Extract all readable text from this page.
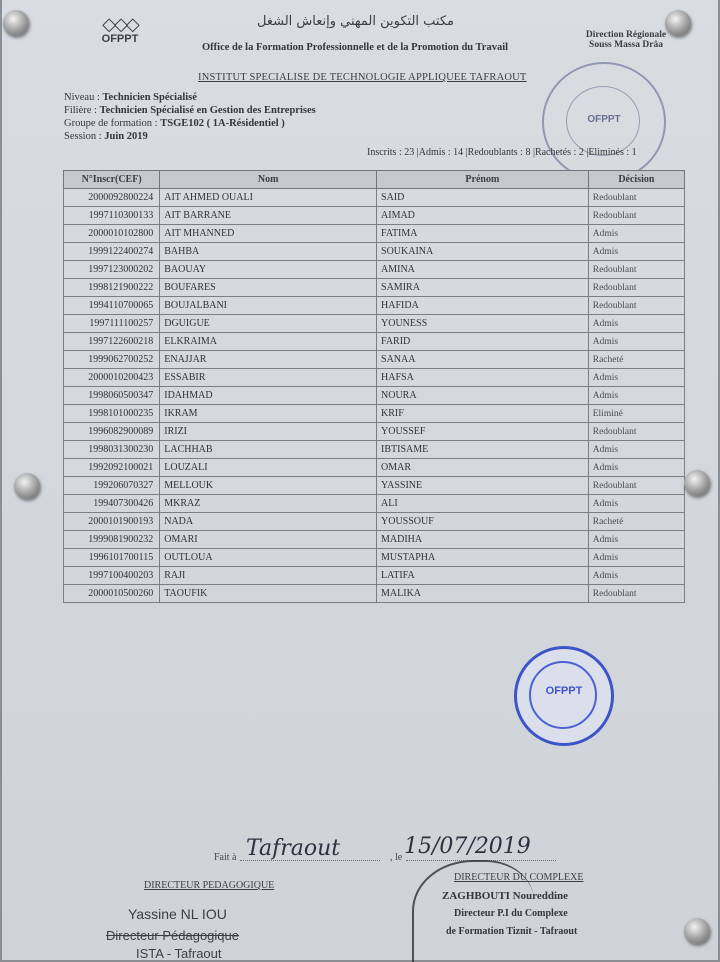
◇◇◇
OFPPT
مكتب التكوين المهني وإنعاش الشغل
Office de la Formation Professionnelle et de la Promotion du Travail
Direction Régionale Souss Massa Drâa
INSTITUT SPECIALISE DE TECHNOLOGIE APPLIQUEE TAFRAOUT
OFPPT
Niveau : Technicien Spécialisé
Filière : Technicien Spécialisé en Gestion des Entreprises
Groupe de formation : TSGE102 ( 1A-Résidentiel )
Session : Juin 2019
Inscrits : 23 |Admis : 14 |Redoublants : 8 |Rachetés : 2 |Eliminés : 1
N°Inscr(CEF)	Nom	Prénom	Décision
2000092800224	AIT AHMED OUALI	SAID	Redoublant
1997110300133	AIT BARRANE	AIMAD	Redoublant
2000010102800	AIT MHANNED	FATIMA	Admis
1999122400274	BAHBA	SOUKAINA	Admis
1997123000202	BAOUAY	AMINA	Redoublant
1998121900222	BOUFARES	SAMIRA	Redoublant
1994110700065	BOUJALBANI	HAFIDA	Redoublant
1997111100257	DGUIGUE	YOUNESS	Admis
1997122600218	ELKRAIMA	FARID	Admis
1999062700252	ENAJJAR	SANAA	Racheté
2000010200423	ESSABIR	HAFSA	Admis
1998060500347	IDAHMAD	NOURA	Admis
1998101000235	IKRAM	KRIF	Eliminé
1996082900089	IRIZI	YOUSSEF	Redoublant
1998031300230	LACHHAB	IBTISAME	Admis
1992092100021	LOUZALI	OMAR	Admis
199206070327	MELLOUK	YASSINE	Redoublant
199407300426	MKRAZ	ALI	Admis
2000101900193	NADA	YOUSSOUF	Racheté
1999081900232	OMARI	MADIHA	Admis
1996101700115	OUTLOUA	MUSTAPHA	Admis
1997100400203	RAJI	LATIFA	Admis
2000010500260	TAOUFIK	MALIKA	Redoublant
OFPPT
Fait à Tafraout	, le 15/07/2019
DIRECTEUR PEDAGOGIQUE
DIRECTEUR DU COMPLEXE
Yassine NL IOU
Directeur Pédagogique
ISTA - Tafraout
ZAGHBOUTI Noureddine
Directeur P.I du Complexe
de Formation Tiznit - Tafraout
